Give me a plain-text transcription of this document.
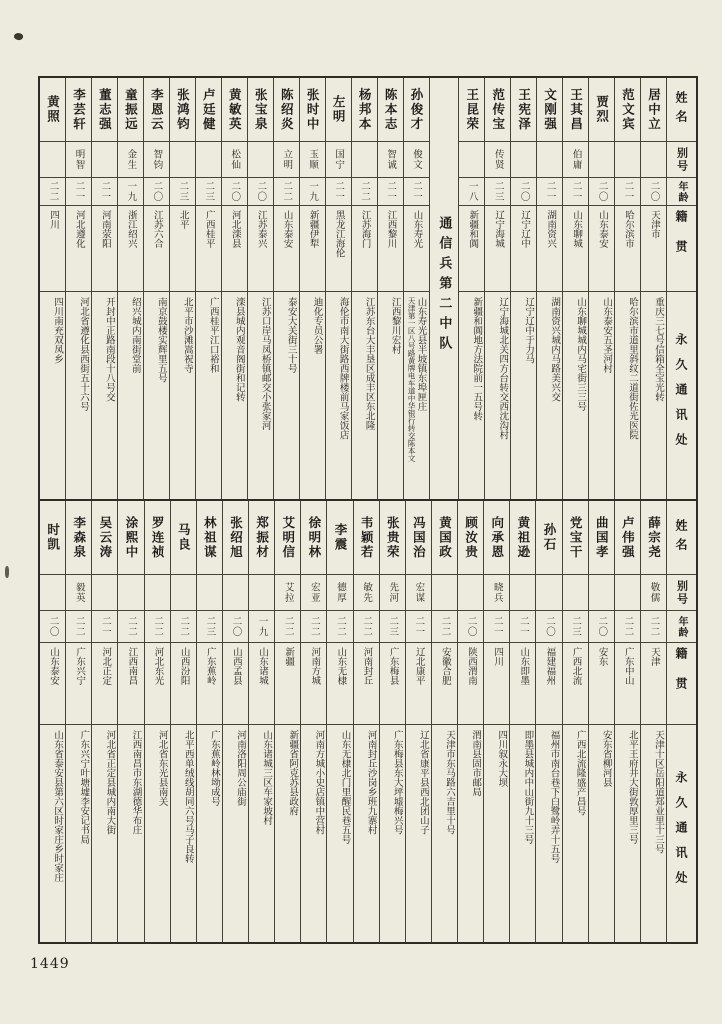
姓名
别号
年龄
籍贯
永久通讯处
居中立
二〇
天津市
重庆三七号信箱全宝光转
范文宾
二一
哈尔滨市
哈尔滨市道里斜纹二道街佐光医院
贾烈
二〇
山东泰安
山东泰安五圣河村
王其昌
伯庸
二一
山东聊城
山东聊城城内马宅街三三号
文刚强
二一
湖南资兴
湖南资兴城内马路美兴交
王宪泽
二〇
辽宁辽中
辽宁辽中于力马
范传宝
传贤
二三
辽宁海城
辽宁海城北关四方台转交西沈沟村
王昆荣
一八
新疆和阗
新疆和阗地方法院前一五号转
通信兵第二中队
孙俊才
俊文
二一
山东寿光
山东寿光县半坡镇东埠匣庄
天津第一区八号路黄牌电车道中华银行转交陈本文
陈本志
智诚
二一
江西黎川
江西黎川宏村
杨邦本
二二
江苏海门
江苏东台大丰垦区成丰区东北隆
左明
国宁
二一
黑龙江海伦
海伦市南大街路西牌楼前马家饭店
张时中
玉顺
一九
新疆伊犁
迪化专员公署
陈绍炎
立明
二二
山东泰安
泰安大关街三十号
张宝泉
二〇
江苏泰兴
江苏口岸马凤桥镇邮交小张家河
黄敏英
松仙
二〇
河北滦县
滦县城内观音阁街和记转
卢廷健
二三
广西桂平
广西桂平江口裕和
张鸿钧
二三
北平
北平市沙滩嵩祝寺
李恩云
智钧
二〇
江苏六合
南京鼓楼实辉里五号
童振远
金生
一九
浙江绍兴
绍兴城内南街堂前
董志强
二一
河南荥阳
开封中正路南段十八号交
李芸轩
明智
二一
河北遵化
河北省遵化县西街五十六号
黄照
二二
四川
四川南充双凤乡
姓名
别号
年龄
籍贯
永久通讯处
薛宗尧
敬儒
二二
天津
天津十区岳阳道郑业里十三号
卢伟强
二二
广东中山
北平王府井大街敦厚里三号
曲国孝
二〇
安东
安东省柳河县
党宝干
二三
广西北流
广西北流隆盛产昌号
孙石
二〇
福建福州
福州市南台巷下白鹭岭弄十五号
黄祖逊
二一
山东即墨
即墨县城内中山街九十三号
向承恩
晓兵
二一
四川
四川叙永大坝
顾汝贵
二〇
陕西渭南
渭南县固市邮局
黄国政
二二
安徽合肥
天津市东马路六吉里十号
冯国治
宏谋
二一
辽北康平
辽北省康平县西北团山子
张贵荣
先河
二三
广东梅县
广东梅县东大坪墟梅兴号
韦颖若
敏先
二二
河南封丘
河南封丘沙岗乡班九寨村
李震
德厚
二二
山东无棣
山东无棣北门里醒民巷五号
徐明林
宏亚
二二
河南方城
河南方城小史店镇中营村
艾明信
艾拉
二二
新疆
新疆省阿克苏县政府
郑振材
一九
山东诸城
山东诸城三区车家坡村
张绍旭
二〇
山西孟县
河南洛阳周公庙街
林祖谋
二三
广东蕉岭
广东蕉岭林坳成号
马良
二二
山西汾阳
北平西单绒线胡同六号马子良转
罗连祯
二二
河北东光
河北省东光县南关
涂熙中
二二
江西南昌
江西南昌市东湖德华布庄
吴云涛
二一
河北正定
河北省正定县城内南大街
李森泉
毅英
二二
广东兴宁
广东兴宁叶塘墟李安记书局
时凯
二〇
山东泰安
山东省泰安县第六区时家庄乡时家庄
1449
